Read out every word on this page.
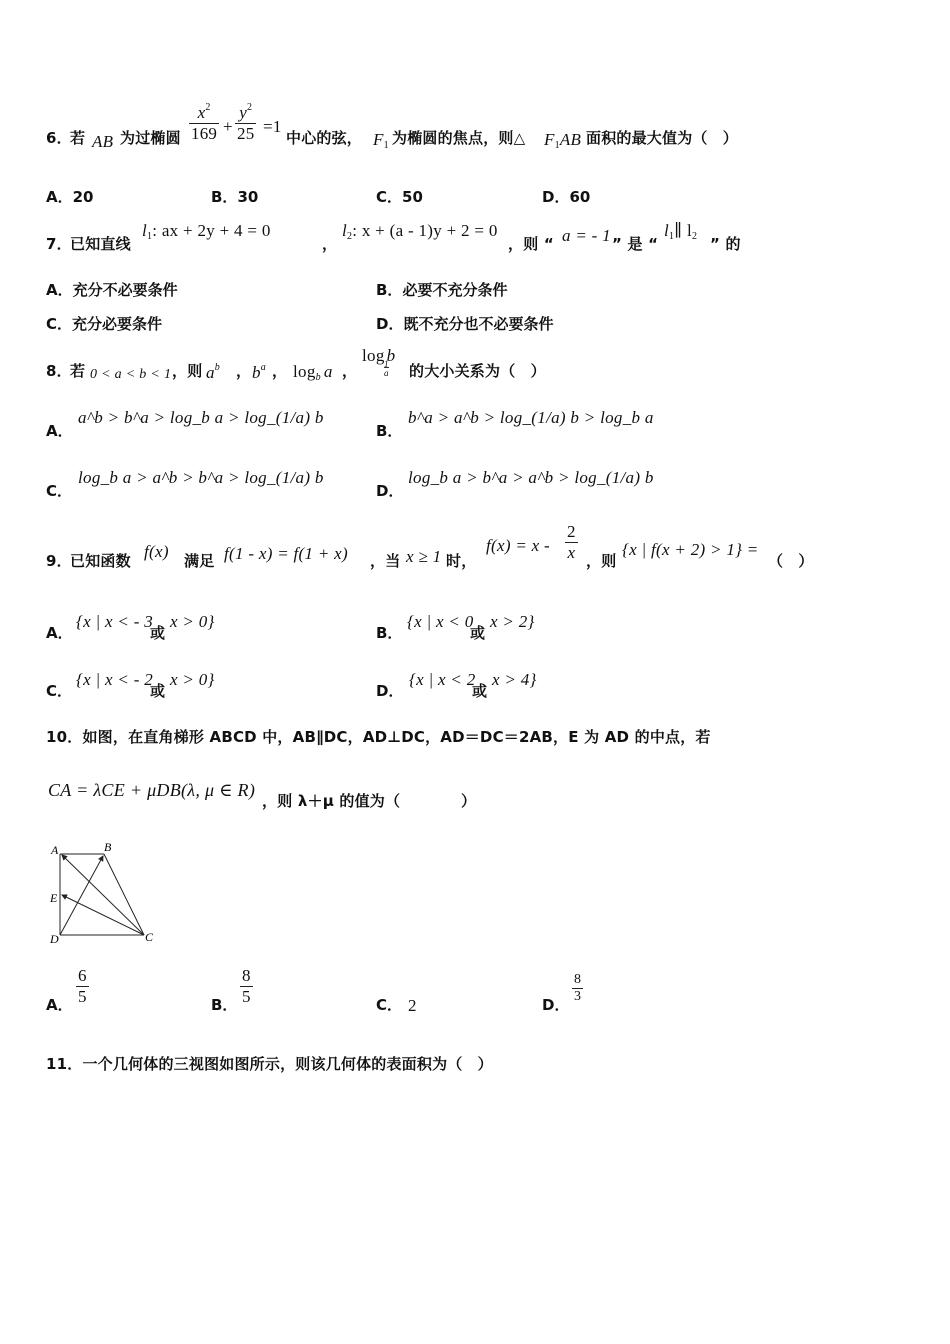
6．
若 AB 为过椭圆 $\frac{x^2}{169} + \frac{y^2}{25} =1$
中心的弦， $F_1$ 为椭圆的焦点，则△ $F_1AB$ 面积的最大值为（　）
A．20	B．30	C．50	D．60
7．
已知直线
$l_1$: ax + 2y + 4 = 0
，
$l_2$: x + (a - 1)y + 2 = 0
，则 “ a = - 1 ” 是 “
$l_1\parallel$ $l_2$ ” 的
A．充分不必要条件	B．必要不充分条件
C．充分必要条件	D．既不充分也不必要条件
8．
若 0 < a < b < 1 ，则 $a^b$ ， $b^a$ ， $\log_b a$ ，
log b
1
a 的大小关系为（　）
A．
a^b > b^a > log_b a > log_(1/a) b
B．
b^a > a^b > log_(1/a) b > log_b a
C．
log_b a > a^b > b^a > log_(1/a) b
D．
log_b a > b^a > a^b > log_(1/a) b
9．
已知函数 f(x) 满足 f(1 - x) = f(1 + x) ，当 x ≥ 1 时，
$f(x) = x - \frac{2}{x}$ ，则
{x | f(x + 2) > 1} =
（　）
A．
{x | x < - 3
或
x > 0}
B．
{x | x < 0
或
x > 2}
C．
{x | x < - 2
或
x > 0}
D．
{x | x < 2
或
x > 4}
10．如图，在直角梯形 ABCD 中，AB∥DC，AD⊥DC，AD＝DC＝2AB，E 为 AD 的中点，若
CA = λCE + μDB(λ, μ ∈ R)
，则 λ＋μ 的值为（　　　　）
A	B
E
D	C
A． $\frac{6}{5}$	B． $\frac{8}{5}$	C． 2	D． $\frac{8}{3}$
11．一个几何体的三视图如图所示，则该几何体的表面积为（　）
